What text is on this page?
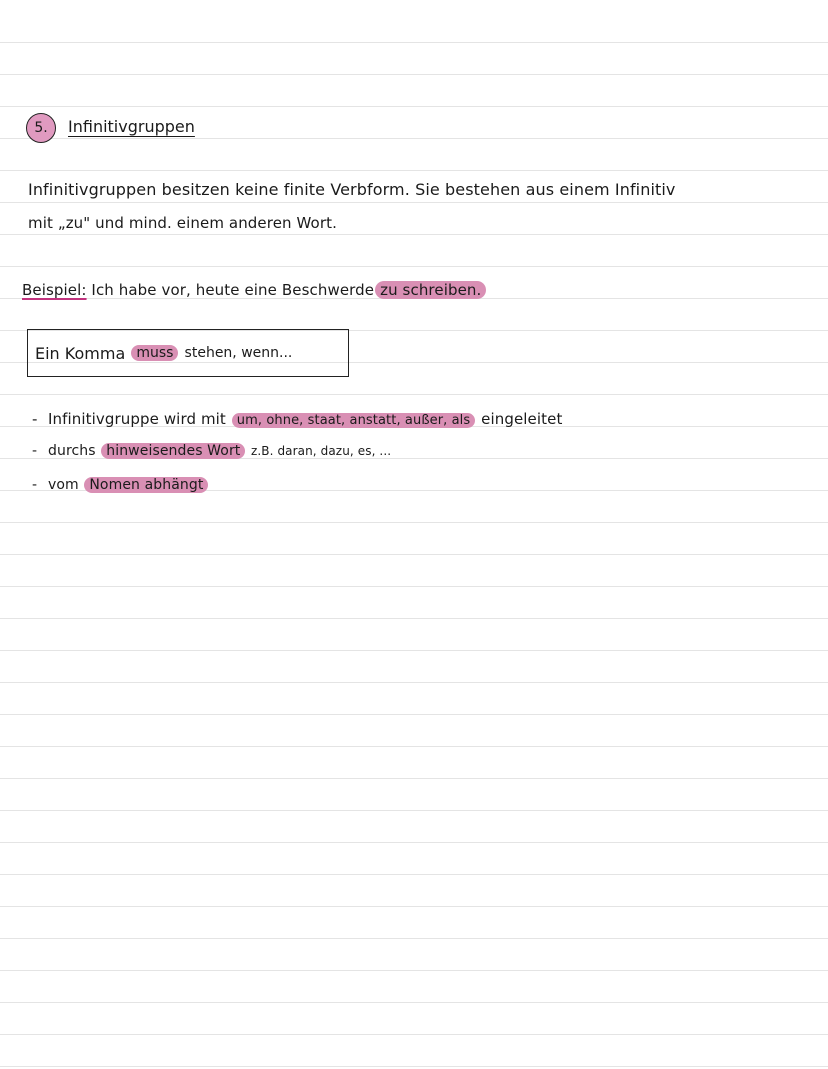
5. Infinitivgruppen
Infinitivgruppen besitzen keine finite Verbform. Sie bestehen aus einem Infinitiv
mit „zu" und mind. einem anderen Wort.
Beispiel: Ich habe vor, heute eine Beschwerde zu schreiben.
Ein Komma
muss
stehen, wenn...
- Infinitivgruppe wird mit um, ohne, staat, anstatt, außer, als eingeleitet
- durchs hinweisendes Wort z.B. daran, dazu, es, ...
- vom Nomen abhängt
